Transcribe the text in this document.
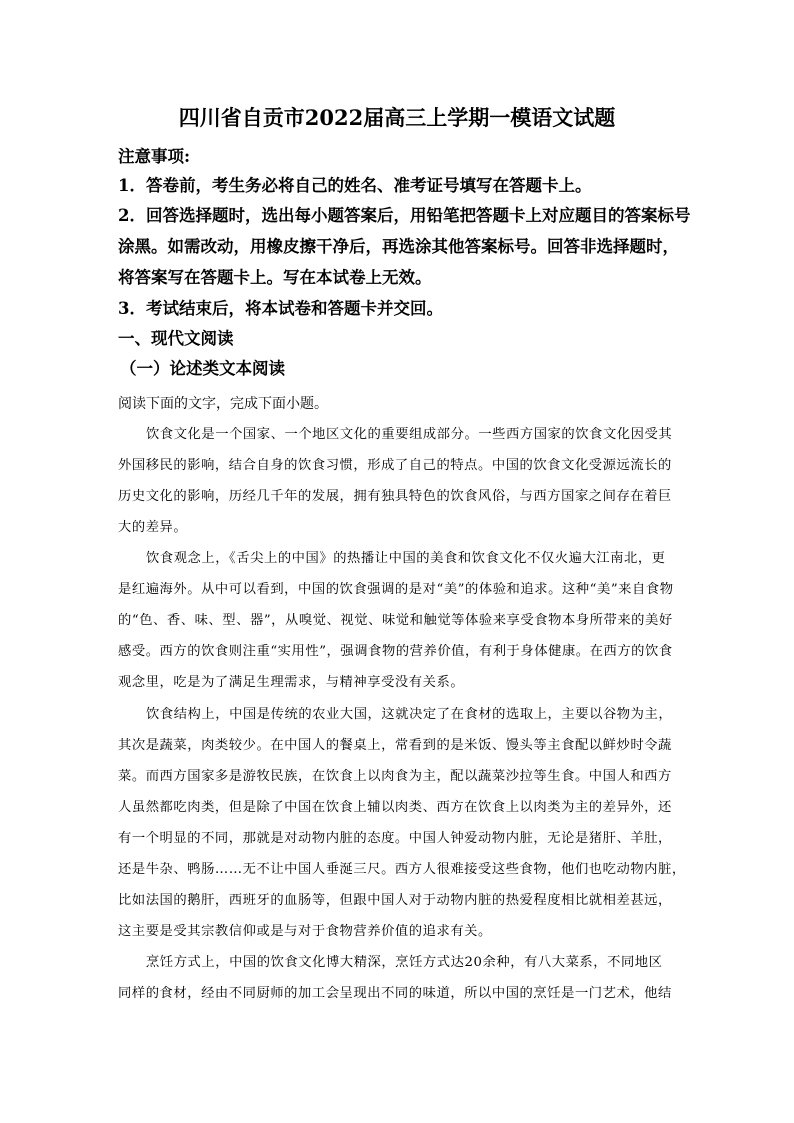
四川省自贡市2022届高三上学期一模语文试题
注意事项:
1．答卷前，考生务必将自己的姓名、准考证号填写在答题卡上。
2．回答选择题时，选出每小题答案后，用铅笔把答题卡上对应题目的答案标号
涂黑。如需改动，用橡皮擦干净后，再选涂其他答案标号。回答非选择题时，
将答案写在答题卡上。写在本试卷上无效。
3．考试结束后，将本试卷和答题卡并交回。
一、现代文阅读
（一）论述类文本阅读
阅读下面的文字，完成下面小题。
饮食文化是一个国家、一个地区文化的重要组成部分。一些西方国家的饮食文化因受其
外国移民的影响，结合自身的饮食习惯，形成了自己的特点。中国的饮食文化受源远流长的
历史文化的影响，历经几千年的发展，拥有独具特色的饮食风俗，与西方国家之间存在着巨
大的差异。
饮食观念上，《舌尖上的中国》的热播让中国的美食和饮食文化不仅火遍大江南北，更
是红遍海外。从中可以看到，中国的饮食强调的是对“美”的体验和追求。这种“美”来自食物
的“色、香、味、型、器”，从嗅觉、视觉、味觉和触觉等体验来享受食物本身所带来的美好
感受。西方的饮食则注重“实用性”，强调食物的营养价值，有利于身体健康。在西方的饮食
观念里，吃是为了满足生理需求，与精神享受没有关系。
饮食结构上，中国是传统的农业大国，这就决定了在食材的选取上，主要以谷物为主，
其次是蔬菜，肉类较少。在中国人的餐桌上，常看到的是米饭、馒头等主食配以鲜炒时令蔬
菜。而西方国家多是游牧民族，在饮食上以肉食为主，配以蔬菜沙拉等生食。中国人和西方
人虽然都吃肉类，但是除了中国在饮食上辅以肉类、西方在饮食上以肉类为主的差异外，还
有一个明显的不同，那就是对动物内脏的态度。中国人钟爱动物内脏，无论是猪肝、羊肚，
还是牛杂、鸭肠……无不让中国人垂涎三尺。西方人很难接受这些食物，他们也吃动物内脏，
比如法国的鹅肝，西班牙的血肠等，但跟中国人对于动物内脏的热爱程度相比就相差甚远，
这主要是受其宗教信仰或是与对于食物营养价值的追求有关。
烹饪方式上，中国的饮食文化博大精深，烹饪方式达20余种，有八大菜系，不同地区
同样的食材，经由不同厨师的加工会呈现出不同的味道，所以中国的烹饪是一门艺术，他结
